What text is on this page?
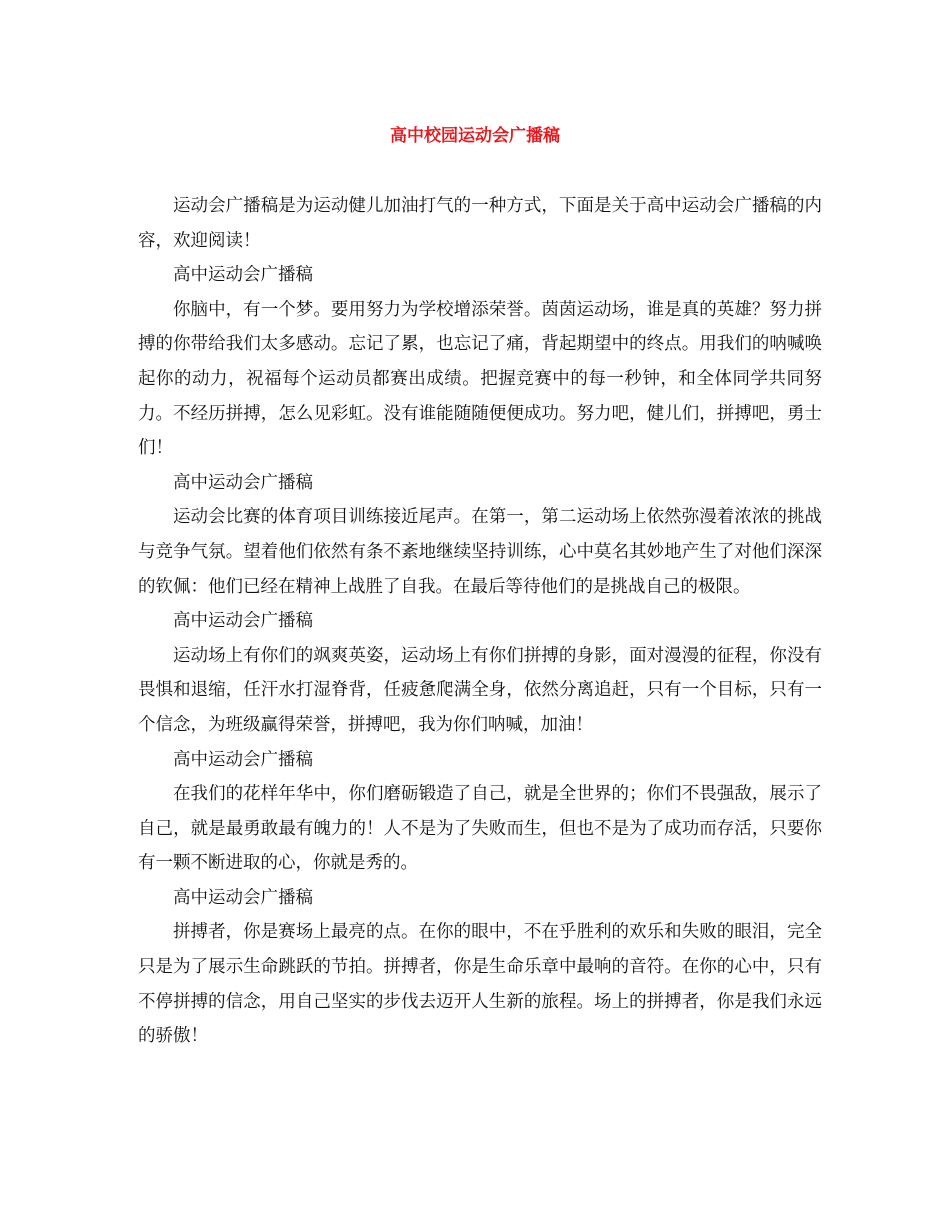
高中校园运动会广播稿

运动会广播稿是为运动健儿加油打气的一种方式，下面是关于高中运动会广播稿的内容，欢迎阅读！

高中运动会广播稿

你脑中，有一个梦。要用努力为学校增添荣誉。茵茵运动场，谁是真的英雄？努力拼搏的你带给我们太多感动。忘记了累，也忘记了痛，背起期望中的终点。用我们的呐喊唤起你的动力，祝福每个运动员都赛出成绩。把握竞赛中的每一秒钟，和全体同学共同努力。不经历拼搏，怎么见彩虹。没有谁能随随便便成功。努力吧，健儿们，拼搏吧，勇士们！

高中运动会广播稿

运动会比赛的体育项目训练接近尾声。在第一，第二运动场上依然弥漫着浓浓的挑战与竞争气氛。望着他们依然有条不紊地继续坚持训练，心中莫名其妙地产生了对他们深深的钦佩：他们已经在精神上战胜了自我。在最后等待他们的是挑战自己的极限。

高中运动会广播稿

运动场上有你们的飒爽英姿，运动场上有你们拼搏的身影，面对漫漫的征程，你没有畏惧和退缩，任汗水打湿脊背，任疲惫爬满全身，依然分离追赶，只有一个目标，只有一个信念，为班级赢得荣誉，拼搏吧，我为你们呐喊，加油！

高中运动会广播稿

在我们的花样年华中，你们磨砺锻造了自己，就是全世界的；你们不畏强敌，展示了自己，就是最勇敢最有魄力的！人不是为了失败而生，但也不是为了成功而存活，只要你有一颗不断进取的心，你就是秀的。

高中运动会广播稿

拼搏者，你是赛场上最亮的点。在你的眼中，不在乎胜利的欢乐和失败的眼泪，完全只是为了展示生命跳跃的节拍。拼搏者，你是生命乐章中最响的音符。在你的心中，只有不停拼搏的信念，用自己坚实的步伐去迈开人生新的旅程。场上的拼搏者，你是我们永远的骄傲！
